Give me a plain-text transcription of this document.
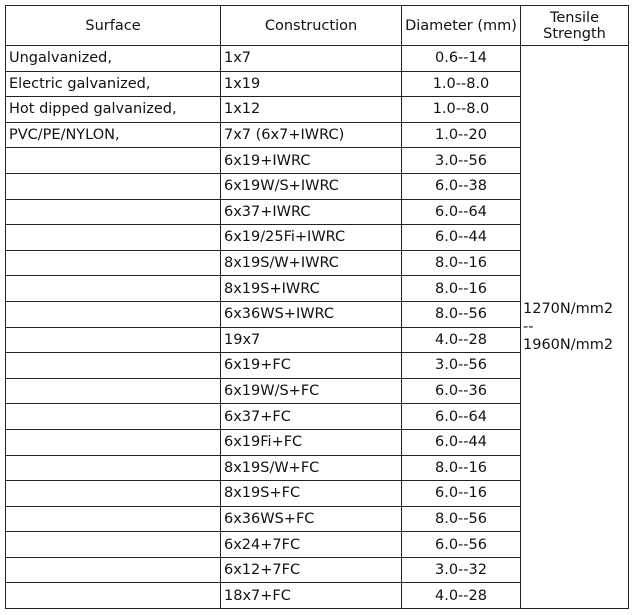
Surface	Construction	Diameter (mm)	Tensile
Strength
Ungalvanized,	1x7	0.6--14	1270N/mm2
--
1960N/mm2

Electric galvanized,	1x19	1.0--8.0	
Hot dipped galvanized,	1x12	1.0--8.0	
PVC/PE/NYLON,	7x7 (6x7+IWRC)	1.0--20	
	6x19+IWRC	3.0--56	
	6x19W/S+IWRC	6.0--38	
	6x37+IWRC	6.0--64	
	6x19/25Fi+IWRC	6.0--44	
	8x19S/W+IWRC	8.0--16	
	8x19S+IWRC	8.0--16	
	6x36WS+IWRC	8.0--56	
	19x7	4.0--28	
	6x19+FC	3.0--56	
	6x19W/S+FC	6.0--36	
	6x37+FC	6.0--64	
	6x19Fi+FC	6.0--44	
	8x19S/W+FC	8.0--16	
	8x19S+FC	6.0--16	
	6x36WS+FC	8.0--56	
	6x24+7FC	6.0--56	
	6x12+7FC	3.0--32	
	18x7+FC	4.0--28	
